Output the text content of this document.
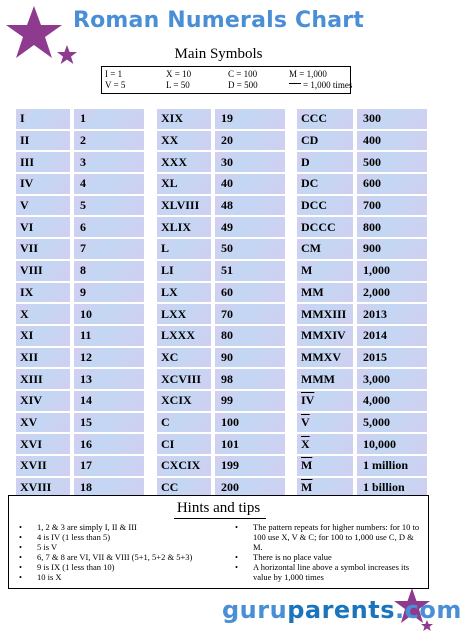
Roman Numerals Chart
Main Symbols
I = 1	X = 10	C = 100	M = 1,000
V = 5	L = 50	D = 500	= 1,000 times
I		1
II		2
III		3
IV		4
V		5
VI		6
VII		7
VIII		8
IX		9
X		10
XI		11
XII		12
XIII		13
XIV		14
XV		15
XVI		16
XVII		17
XVIII		18
XIX		19
XX		20
XXX		30
XL		40
XLVIII		48
XLIX		49
L		50
LI		51
LX		60
LXX		70
LXXX		80
XC		90
XCVIII		98
XCIX		99
C		100
CI		101
CXCIX		199
CC		200
CCC		300
CD		400
D		500
DC		600
DCC		700
DCCC		800
CM		900
M		1,000
MM		2,000
MMXIII		2013
MMXIV		2014
MMXV		2015
MMM		3,000
$\overline{IV}$		4,000
$\overline{V}$		5,000
$\overline{X}$		10,000
$\overline{M}$		1 million
M		1 billion
Hints and tips
• 1, 2 & 3 are simply I, II & III
• 4 is IV (1 less than 5)
• 5 is V
• 6, 7 & 8 are VI, VII & VIII (5+1, 5+2 & 5+3)
• 9 is IX (1 less than 10)
• 10 is X
• The pattern repeats for higher numbers: for 10 to 100 use X, V & C; for 100 to 1,000 use C, D & M.
• There is no place value
• A horizontal line above a symbol increases its value by 1,000 times
guruparents.com
